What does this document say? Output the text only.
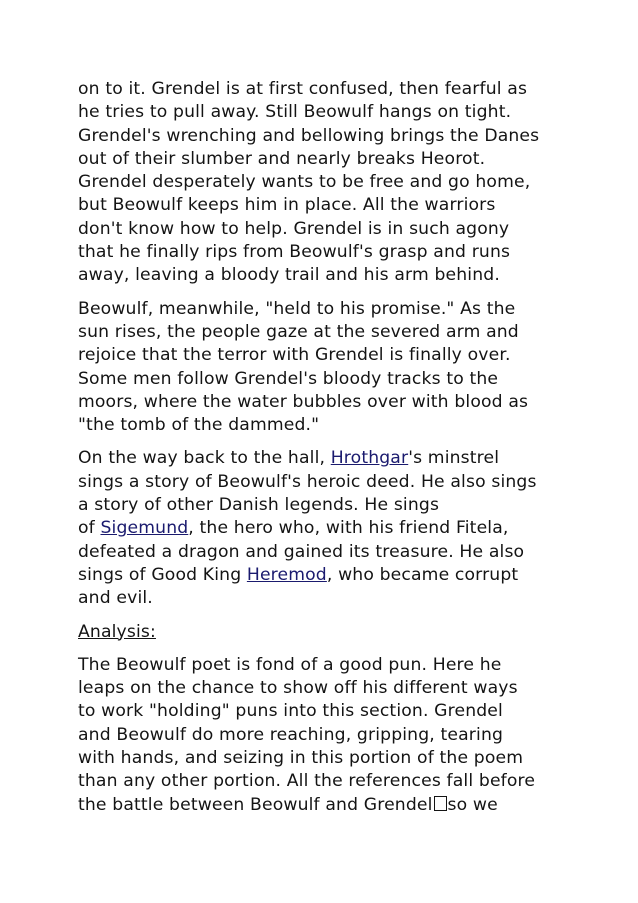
on to it. Grendel is at first confused, then fearful as
he tries to pull away. Still Beowulf hangs on tight.
Grendel's wrenching and bellowing brings the Danes
out of their slumber and nearly breaks Heorot.
Grendel desperately wants to be free and go home,
but Beowulf keeps him in place. All the warriors
don't know how to help. Grendel is in such agony
that he finally rips from Beowulf's grasp and runs
away, leaving a bloody trail and his arm behind.

Beowulf, meanwhile, "held to his promise." As the
sun rises, the people gaze at the severed arm and
rejoice that the terror with Grendel is finally over.
Some men follow Grendel's bloody tracks to the
moors, where the water bubbles over with blood as
"the tomb of the dammed."

On the way back to the hall, Hrothgar's minstrel
sings a story of Beowulf's heroic deed. He also sings
a story of other Danish legends. He sings
of Sigemund, the hero who, with his friend Fitela,
defeated a dragon and gained its treasure. He also
sings of Good King Heremod, who became corrupt
and evil.

Analysis:

The Beowulf poet is fond of a good pun. Here he
leaps on the chance to show off his different ways
to work "holding" puns into this section. Grendel
and Beowulf do more reaching, gripping, tearing
with hands, and seizing in this portion of the poem
than any other portion. All the references fall before
the battle between Beowulf and Grendel so we
